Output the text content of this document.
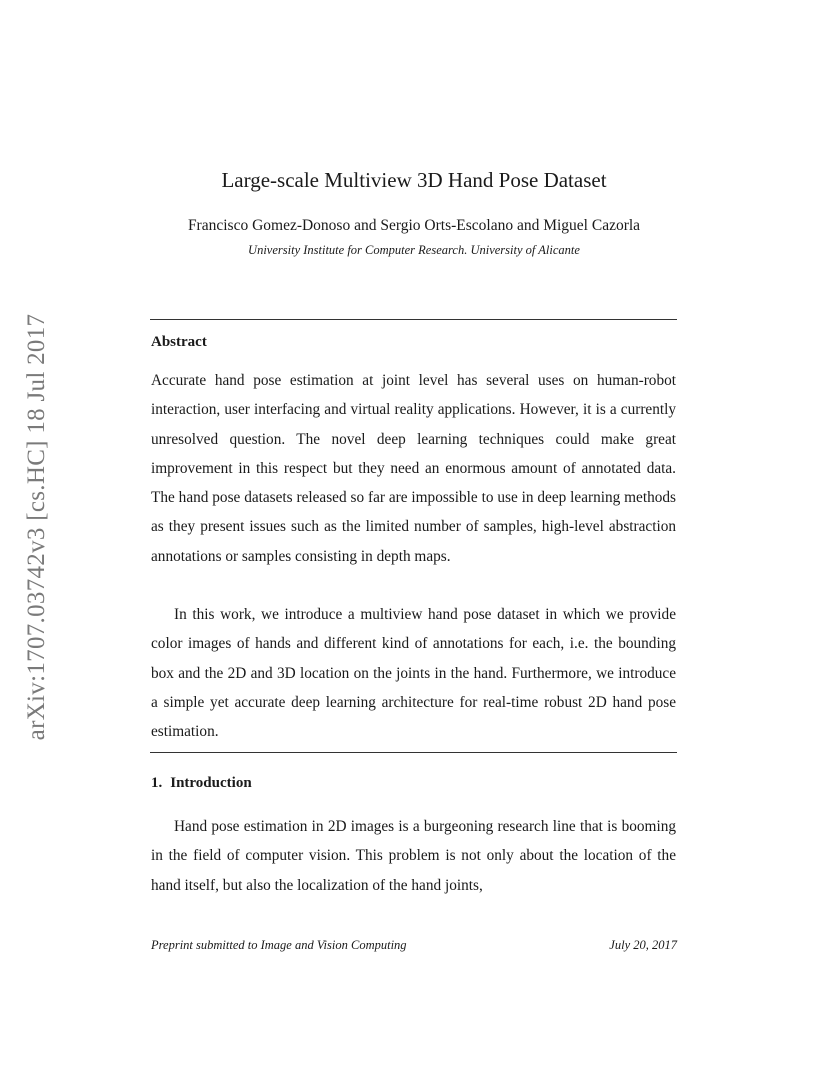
arXiv:1707.03742v3 [cs.HC] 18 Jul 2017
Large-scale Multiview 3D Hand Pose Dataset
Francisco Gomez-Donoso and Sergio Orts-Escolano and Miguel Cazorla
University Institute for Computer Research. University of Alicante
Abstract

Accurate hand pose estimation at joint level has several uses on human-robot interaction, user interfacing and virtual reality applications. However, it is a currently unresolved question. The novel deep learning techniques could make great improvement in this respect but they need an enormous amount of annotated data. The hand pose datasets released so far are impossible to use in deep learning methods as they present issues such as the limited number of samples, high-level abstraction annotations or samples consisting in depth maps.

In this work, we introduce a multiview hand pose dataset in which we provide color images of hands and different kind of annotations for each, i.e. the bounding box and the 2D and 3D location on the joints in the hand. Furthermore, we introduce a simple yet accurate deep learning architecture for real-time robust 2D hand pose estimation.

1. Introduction

Hand pose estimation in 2D images is a burgeoning research line that is booming in the field of computer vision. This problem is not only about the location of the hand itself, but also the localization of the hand joints,

Preprint submitted to Image and Vision Computing	July 20, 2017
